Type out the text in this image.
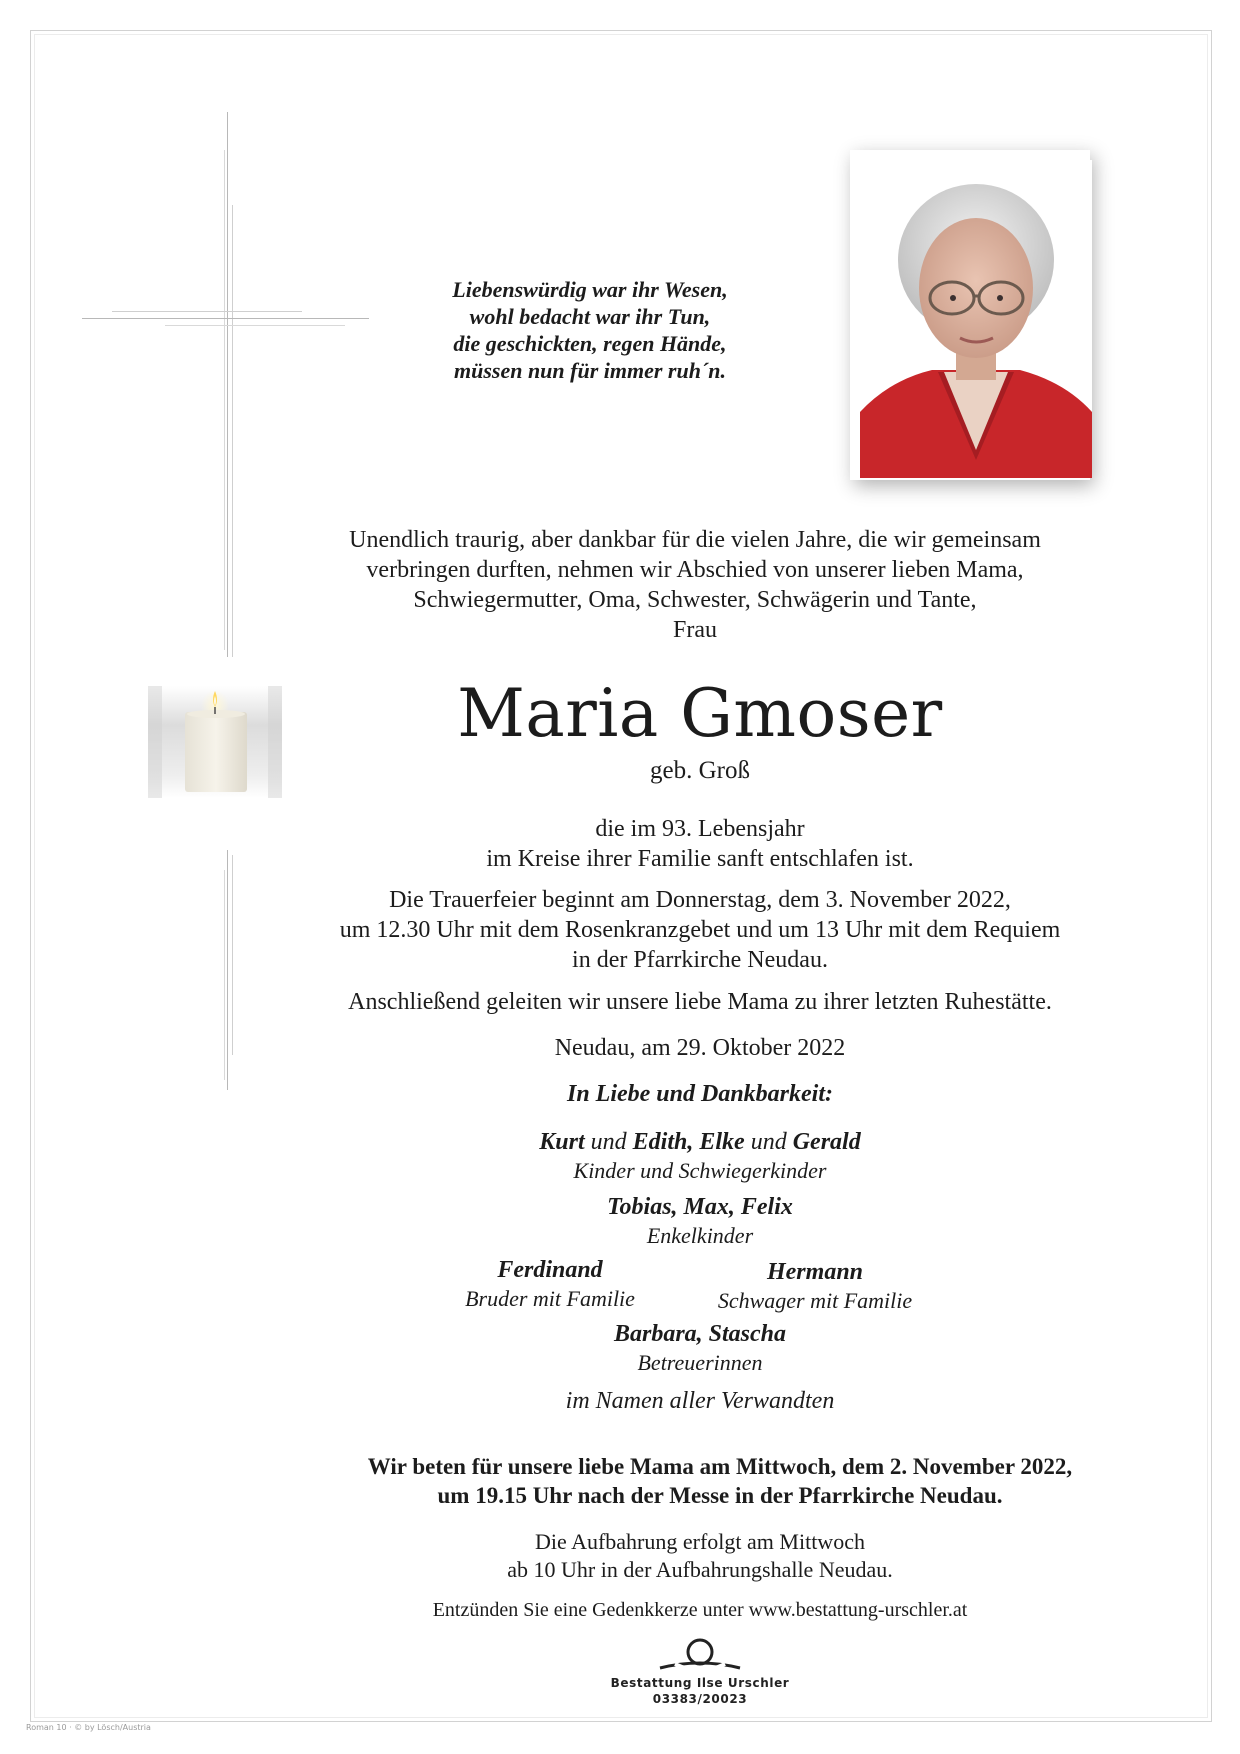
Liebenswürdig war ihr Wesen,
wohl bedacht war ihr Tun,
die geschickten, regen Hände,
müssen nun für immer ruh´n.
Unendlich traurig, aber dankbar für die vielen Jahre, die wir gemeinsam
verbringen durften, nehmen wir Abschied von unserer lieben Mama,
Schwiegermutter, Oma, Schwester, Schwägerin und Tante,
Frau
Maria Gmoser
geb. Groß
die im 93. Lebensjahr
im Kreise ihrer Familie sanft entschlafen ist.
Die Trauerfeier beginnt am Donnerstag, dem 3. November 2022,
um 12.30 Uhr mit dem Rosenkranzgebet und um 13 Uhr mit dem Requiem
in der Pfarrkirche Neudau.
Anschließend geleiten wir unsere liebe Mama zu ihrer letzten Ruhestätte.
Neudau, am 29. Oktober 2022
In Liebe und Dankbarkeit:
Kurt und Edith, Elke und Gerald
Kinder und Schwiegerkinder
Tobias, Max, Felix
Enkelkinder
Ferdinand
Bruder mit Familie
Hermann
Schwager mit Familie
Barbara, Stascha
Betreuerinnen
im Namen aller Verwandten
Wir beten für unsere liebe Mama am Mittwoch, dem 2. November 2022,
um 19.15 Uhr nach der Messe in der Pfarrkirche Neudau.
Die Aufbahrung erfolgt am Mittwoch
ab 10 Uhr in der Aufbahrungshalle Neudau.
Entzünden Sie eine Gedenkkerze unter www.bestattung-urschler.at
Bestattung Ilse Urschler
03383/20023
Roman 10 · © by Lösch/Austria
